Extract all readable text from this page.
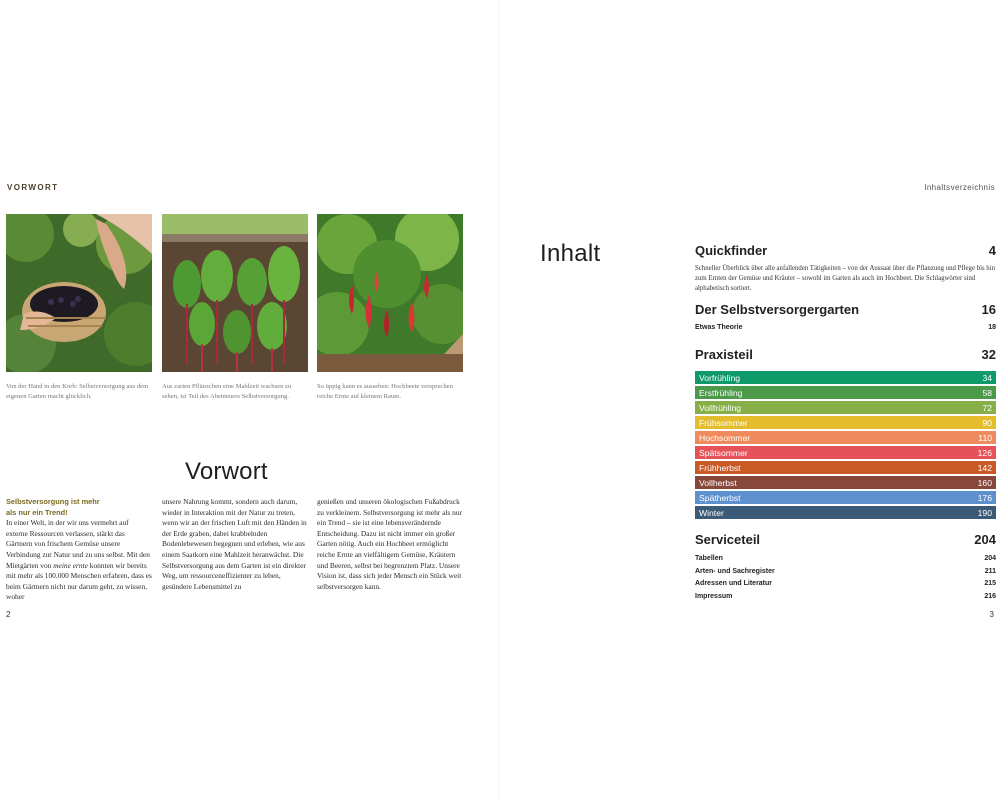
VORWORT
Von der Hand in den Korb: Selbstversorgung aus dem eigenen Garten macht glücklich.
Aus zarten Pflänzchen eine Mahlzeit wachsen zu sehen, ist Teil des Abenteuers Selbstversorgung.
So üppig kann es aussehen: Hochbeete versprechen reiche Ernte auf kleinem Raum.
Vorwort
Selbstversorgung ist mehr
als nur ein Trend!
In einer Welt, in der wir uns vermehrt auf externe Ressourcen verlassen, stärkt das Gärtnern von frischem Gemüse unsere Verbindung zur Natur und zu uns selbst. Mit den Mietgärten von meine ernte konnten wir bereits mit mehr als 100.000 Menschen erfahren, dass es beim Gärtnern nicht nur darum geht, zu wissen, woher
unsere Nahrung kommt, sondern auch darum, wieder in Interaktion mit der Natur zu treten, wenn wir an der frischen Luft mit den Händen in der Erde graben, dabei krabbelnden Bodenlebewesen begegnen und erleben, wie aus einem Saatkorn eine Mahlzeit heranwächst. Die Selbstversorgung aus dem Garten ist ein direkter Weg, um ressourceneffizienter zu leben, gesündere Lebensmittel zu
genießen und unseren ökologischen Fußabdruck zu verkleinern. Selbstversorgung ist mehr als nur ein Trend – sie ist eine lebensverändernde Entscheidung. Dazu ist nicht immer ein großer Garten nötig. Auch ein Hochbeet ermöglicht reiche Ernte an vielfältigem Gemüse, Kräutern und Beeren, selbst bei begrenztem Platz. Unsere Vision ist, dass sich jeder Mensch ein Stück weit selbstversorgen kann.
2
Inhaltsverzeichnis
3
Inhalt	Quickfinder	4
Schneller Überblick über alle anfallenden Tätigkeiten – von der Aussaat über die Pflanzung und Pflege bis hin zum Ernten der Gemüse und Kräuter – sowohl im Garten als auch im Hochbeet. Die Schlagwörter sind alphabetisch sortiert.
Der Selbstversorgergarten	16
Etwas Theorie	18
Praxisteil	32
Vorfrühling	34
Erstfrühling	58
Vollfrühling	72
Frühsommer	90
Hochsommer	110
Spätsommer	126
Frühherbst	142
Vollherbst	160
Spätherbst	176
Winter	190
Serviceteil	204
Tabellen	204
Arten- und Sachregister	211
Adressen und Literatur	215
Impressum	216
